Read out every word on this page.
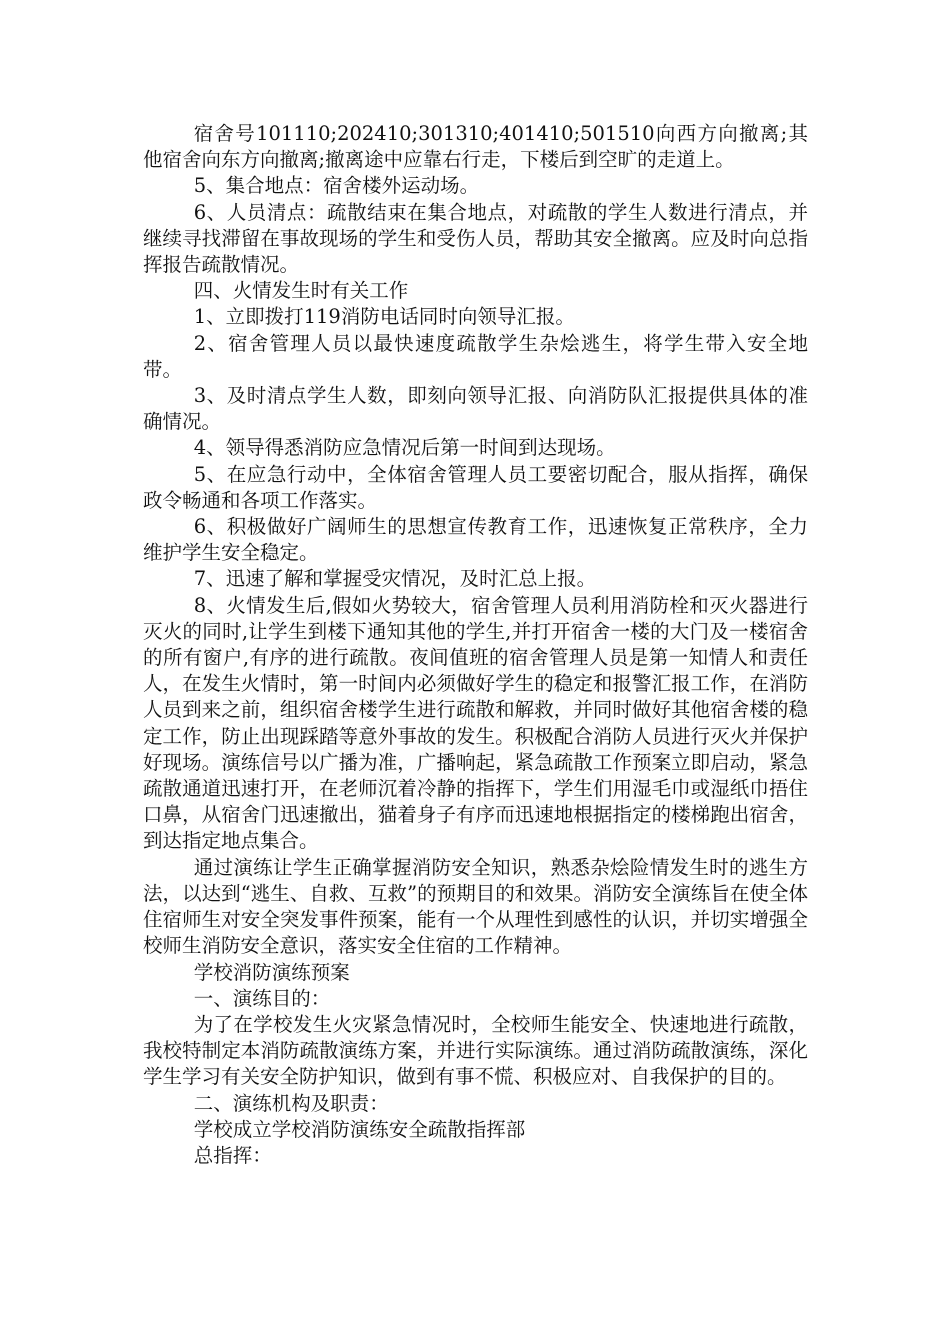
宿舍号101110;202410;301310;401410;501510向西方向撤离;其他宿舍向东方向撤离;撤离途中应靠右行走，下楼后到空旷的走道上。

5、集合地点：宿舍楼外运动场。

6、人员清点：疏散结束在集合地点，对疏散的学生人数进行清点，并继续寻找滞留在事故现场的学生和受伤人员，帮助其安全撤离。应及时向总指挥报告疏散情况。

四、火情发生时有关工作

1、立即拨打119消防电话同时向领导汇报。

2、宿舍管理人员以最快速度疏散学生杂烩逃生，将学生带入安全地带。

3、及时清点学生人数，即刻向领导汇报、向消防队汇报提供具体的准确情况。

4、领导得悉消防应急情况后第一时间到达现场。

5、在应急行动中，全体宿舍管理人员工要密切配合，服从指挥，确保政令畅通和各项工作落实。

6、积极做好广阔师生的思想宣传教育工作，迅速恢复正常秩序，全力维护学生安全稳定。

7、迅速了解和掌握受灾情况，及时汇总上报。

8、火情发生后,假如火势较大，宿舍管理人员利用消防栓和灭火器进行灭火的同时,让学生到楼下通知其他的学生,并打开宿舍一楼的大门及一楼宿舍的所有窗户,有序的进行疏散。夜间值班的宿舍管理人员是第一知情人和责任人，在发生火情时，第一时间内必须做好学生的稳定和报警汇报工作，在消防人员到来之前，组织宿舍楼学生进行疏散和解救，并同时做好其他宿舍楼的稳定工作，防止出现踩踏等意外事故的发生。积极配合消防人员进行灭火并保护好现场。演练信号以广播为准，广播响起，紧急疏散工作预案立即启动，紧急疏散通道迅速打开，在老师沉着冷静的指挥下，学生们用湿毛巾或湿纸巾捂住口鼻，从宿舍门迅速撤出，猫着身子有序而迅速地根据指定的楼梯跑出宿舍，到达指定地点集合。

通过演练让学生正确掌握消防安全知识，熟悉杂烩险情发生时的逃生方法，以达到“逃生、自救、互救”的预期目的和效果。消防安全演练旨在使全体住宿师生对安全突发事件预案，能有一个从理性到感性的认识，并切实增强全校师生消防安全意识，落实安全住宿的工作精神。

学校消防演练预案

一、演练目的：

为了在学校发生火灾紧急情况时，全校师生能安全、快速地进行疏散，我校特制定本消防疏散演练方案，并进行实际演练。通过消防疏散演练，深化学生学习有关安全防护知识，做到有事不慌、积极应对、自我保护的目的。

二、演练机构及职责：

学校成立学校消防演练安全疏散指挥部

总指挥：
